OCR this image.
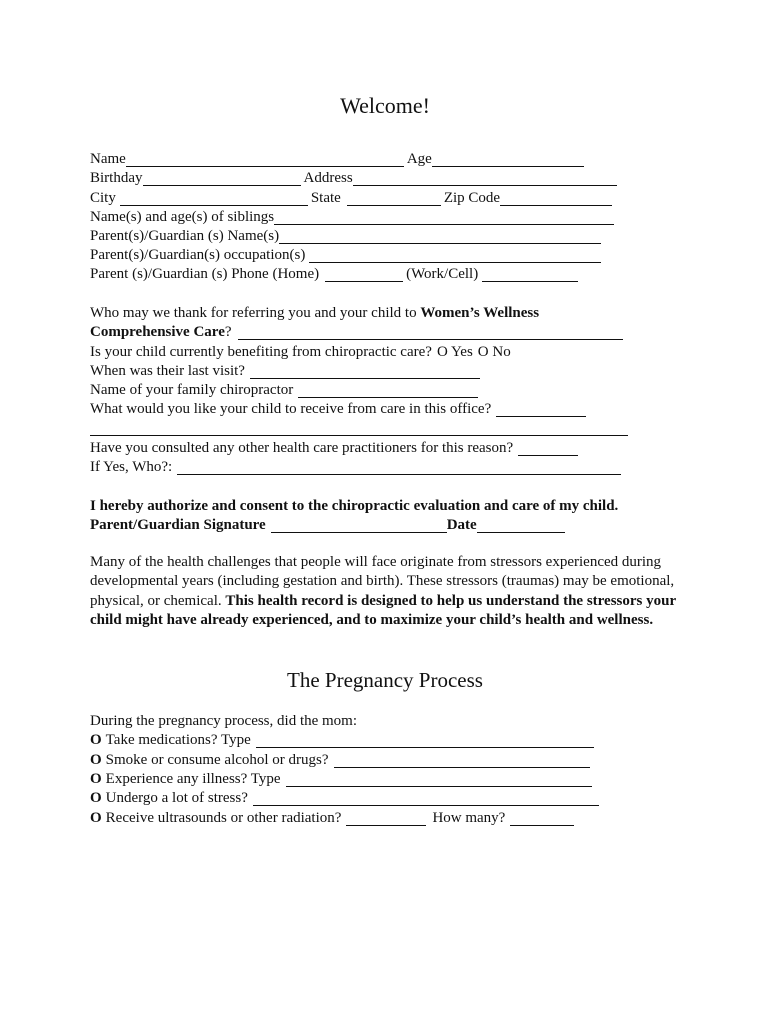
Welcome!
Name	Age
Birthday	Address
City	State	Zip Code
Name(s) and age(s) of siblings
Parent(s)/Guardian (s) Name(s)
Parent(s)/Guardian(s) occupation(s)
Parent (s)/Guardian (s) Phone (Home)	(Work/Cell)
Who may we thank for referring you and your child to Women’s Wellness
Comprehensive Care ?
Is your child currently benefiting from chiropractic care? O Yes O No
When was their last visit?
Name of your family chiropractor
What would you like your child to receive from care in this office?
Have you consulted any other health care practitioners for this reason?
If Yes, Who?:
I hereby authorize and consent to the chiropractic evaluation and care of my child.
Parent/Guardian Signature	Date

Many of the health challenges that people will face originate from stressors experienced during developmental years (including gestation and birth). These stressors (traumas) may be emotional, physical, or chemical. This health record is designed to help us understand the stressors your child might have already experienced, and to maximize your child’s health and wellness.

The Pregnancy Process
During the pregnancy process, did the mom:
O Take medications? Type
O Smoke or consume alcohol or drugs?
O Experience any illness? Type
O Undergo a lot of stress?
O Receive ultrasounds or other radiation?	How many?
